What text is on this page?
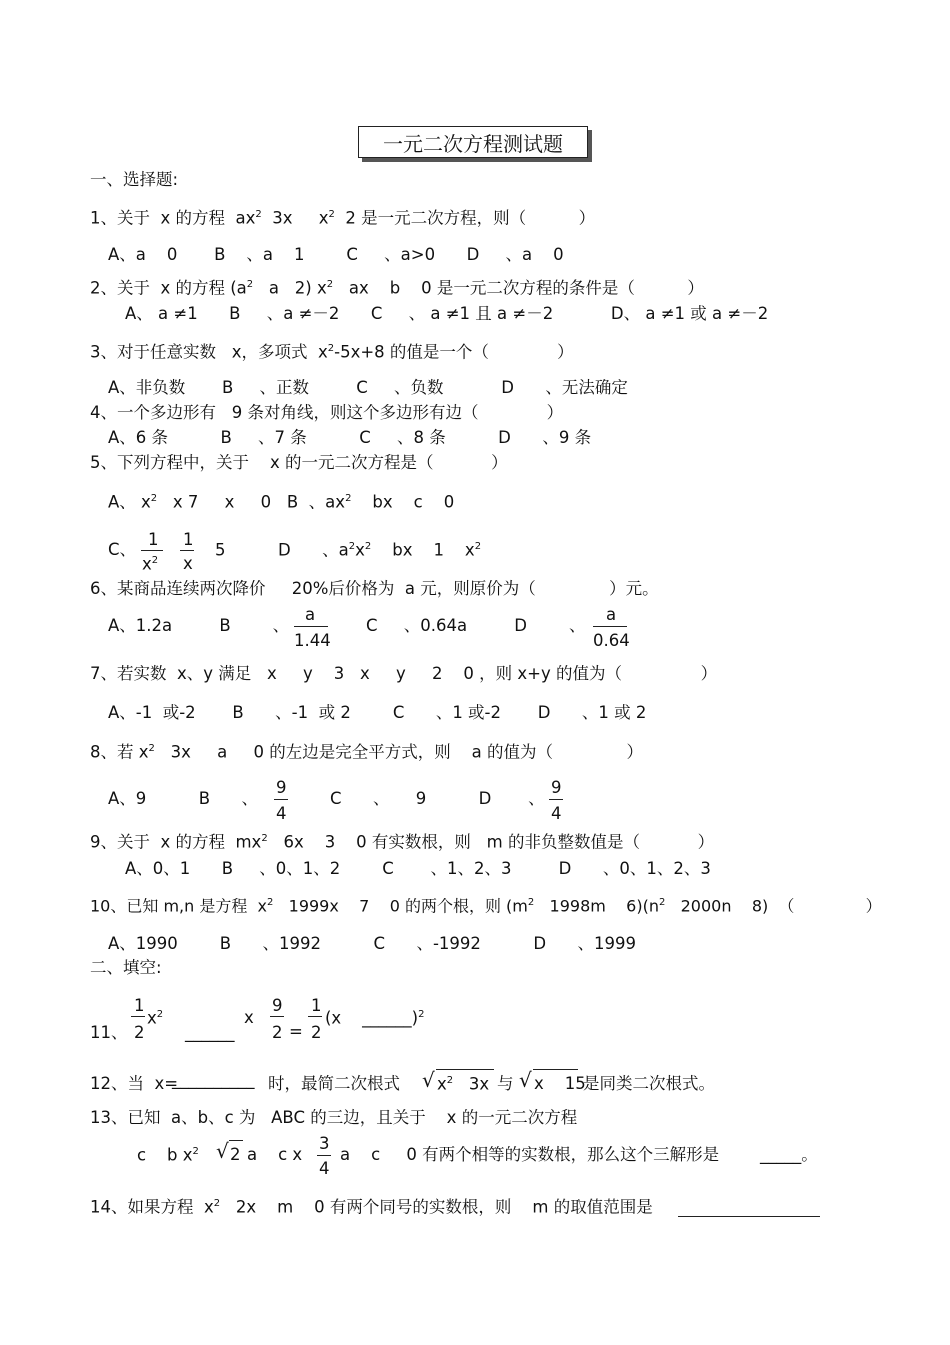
一元二次方程测试题
一、选择题:
1、关于  x 的方程  $ax^2$ 3x     $x^2$ 2 是一元二次方程，则（          ）
A、a    0       B    、a    1        C     、a>0      D     、a    0
2、关于  x 的方程 ($a^2$ a   2) $x^2$ ax    b    0 是一元二次方程的条件是（          ）
A、 a ≠1      B     、a ≠－2      C     、 a ≠1 且 a ≠－2           D、 a ≠1 或 a ≠－2
3、对于任意实数   x，多项式  $x^2-5x+8$ 的值是一个（             ）
A、非负数       B     、正数         C     、负数           D      、无法确定
4、一个多边形有   9 条对角线，则这个多边形有边（             ）
A、6 条          B     、7 条          C     、8 条          D      、9 条
5、下列方程中，关于    x 的一元二次方程是（           ）
A、 $x^2$ x 7     x     0   B  、$ax^2$ bx    c    0
C、
1
$x^2$
1
x
5          D      、$a^2x^2$ bx    1    $x^2$
6、某商品连续两次降价     20%后价格为  a 元，则原价为（              ）元。
A、1.2a         B        、
a
1.44
C     、0.64a         D        、
a
0.64
7、若实数  x、y 满足   x     y    3   x     y     2    0 ，则 x+y 的值为（               ）
A、-1  或-2       B      、-1  或 2        C      、1 或-2       D      、1 或 2
8、若 $x^2$ 3x     a     0 的左边是完全平方式，则    a 的值为（              ）
A、9          B      、
9
4
C      、     9          D       、
9
4
9、关于  x 的方程  $mx^2$ 6x    3    0 有实数根，则   m 的非负整数值是（           ）
A、0、1      B     、0、1、2        C       、1、2、3         D      、0、1、2、3
10、已知 m,n 是方程  $x^2$ 1999x    7    0 的两个根，则 ($m^2$ 1998m    $6)(n^2$ 2000n    8)  （              ）
A、1990        B      、1992          C      、-1992          D      、1999
二、填空:
11、
1
2
$x^2$
______
x
9
2 =
1
2
(x    ______)$^2$
12、当  x=
__________ 时，最简二次根式 √ $x^2$ 3x 与 √ x    15
是同类二次根式。
13、已知  a、b、c 为   ABC 的三边，且关于    x 的一元二次方程
c    b $x^2$ √ 2 a    c x
3
4
a    c     0 有两个相等的实数根，那么这个三解形是 _____。
14、如果方程  $x^2$ 2x    m    0 有两个同号的实数根，则    m 的取值范围是
